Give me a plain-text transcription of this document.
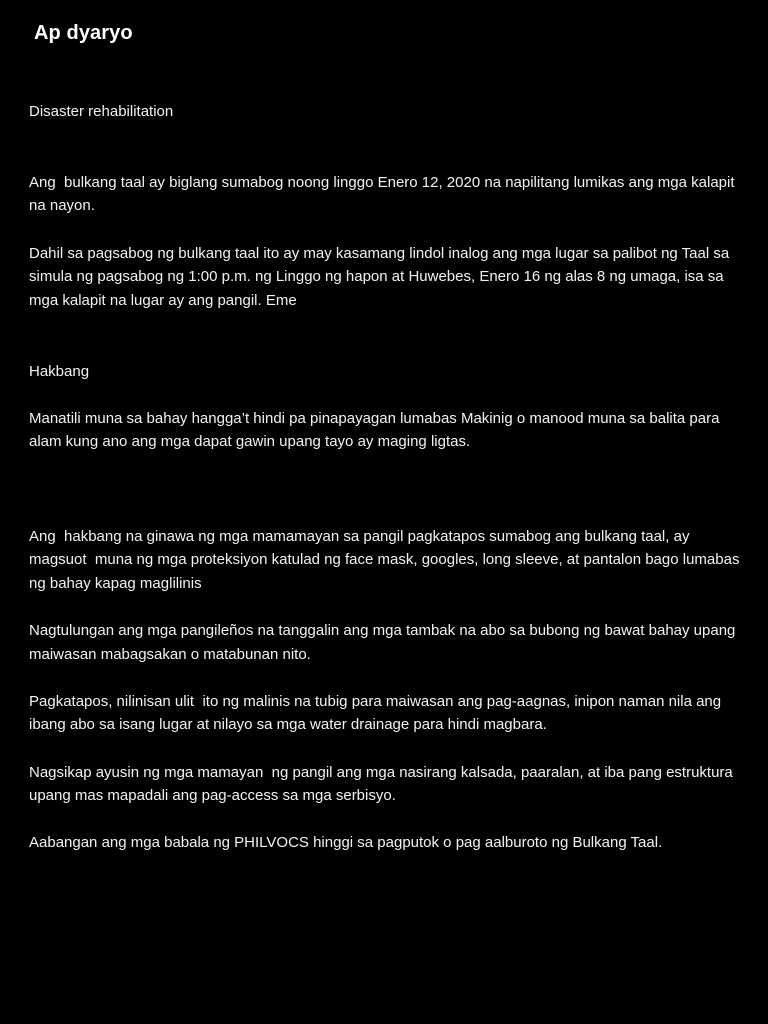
Ap dyaryo

Disaster rehabilitation

Ang  bulkang taal ay biglang sumabog noong linggo Enero 12, 2020 na napilitang lumikas ang mga kalapit na nayon.

Dahil sa pagsabog ng bulkang taal ito ay may kasamang lindol inalog ang mga lugar sa palibot ng Taal sa simula ng pagsabog ng 1:00 p.m. ng Linggo ng hapon at Huwebes, Enero 16 ng alas 8 ng umaga, isa sa mga kalapit na lugar ay ang pangil. Eme

Hakbang

Manatili muna sa bahay hangga’t hindi pa pinapayagan lumabas Makinig o manood muna sa balita para alam kung ano ang mga dapat gawin upang tayo ay maging ligtas.

Ang  hakbang na ginawa ng mga mamamayan sa pangil pagkatapos sumabog ang bulkang taal, ay magsuot  muna ng mga proteksiyon katulad ng face mask, googles, long sleeve, at pantalon bago lumabas ng bahay kapag maglilinis

Nagtulungan ang mga pangileños na tanggalin ang mga tambak na abo sa bubong ng bawat bahay upang maiwasan mabagsakan o matabunan nito.

Pagkatapos, nilinisan ulit  ito ng malinis na tubig para maiwasan ang pag-aagnas, inipon naman nila ang  ibang abo sa isang lugar at nilayo sa mga water drainage para hindi magbara.

Nagsikap ayusin ng mga mamayan  ng pangil ang mga nasirang kalsada, paaralan, at iba pang estruktura upang mas mapadali ang pag-access sa mga serbisyo.

Aabangan ang mga babala ng PHILVOCS hinggi sa pagputok o pag aalburoto ng Bulkang Taal.
